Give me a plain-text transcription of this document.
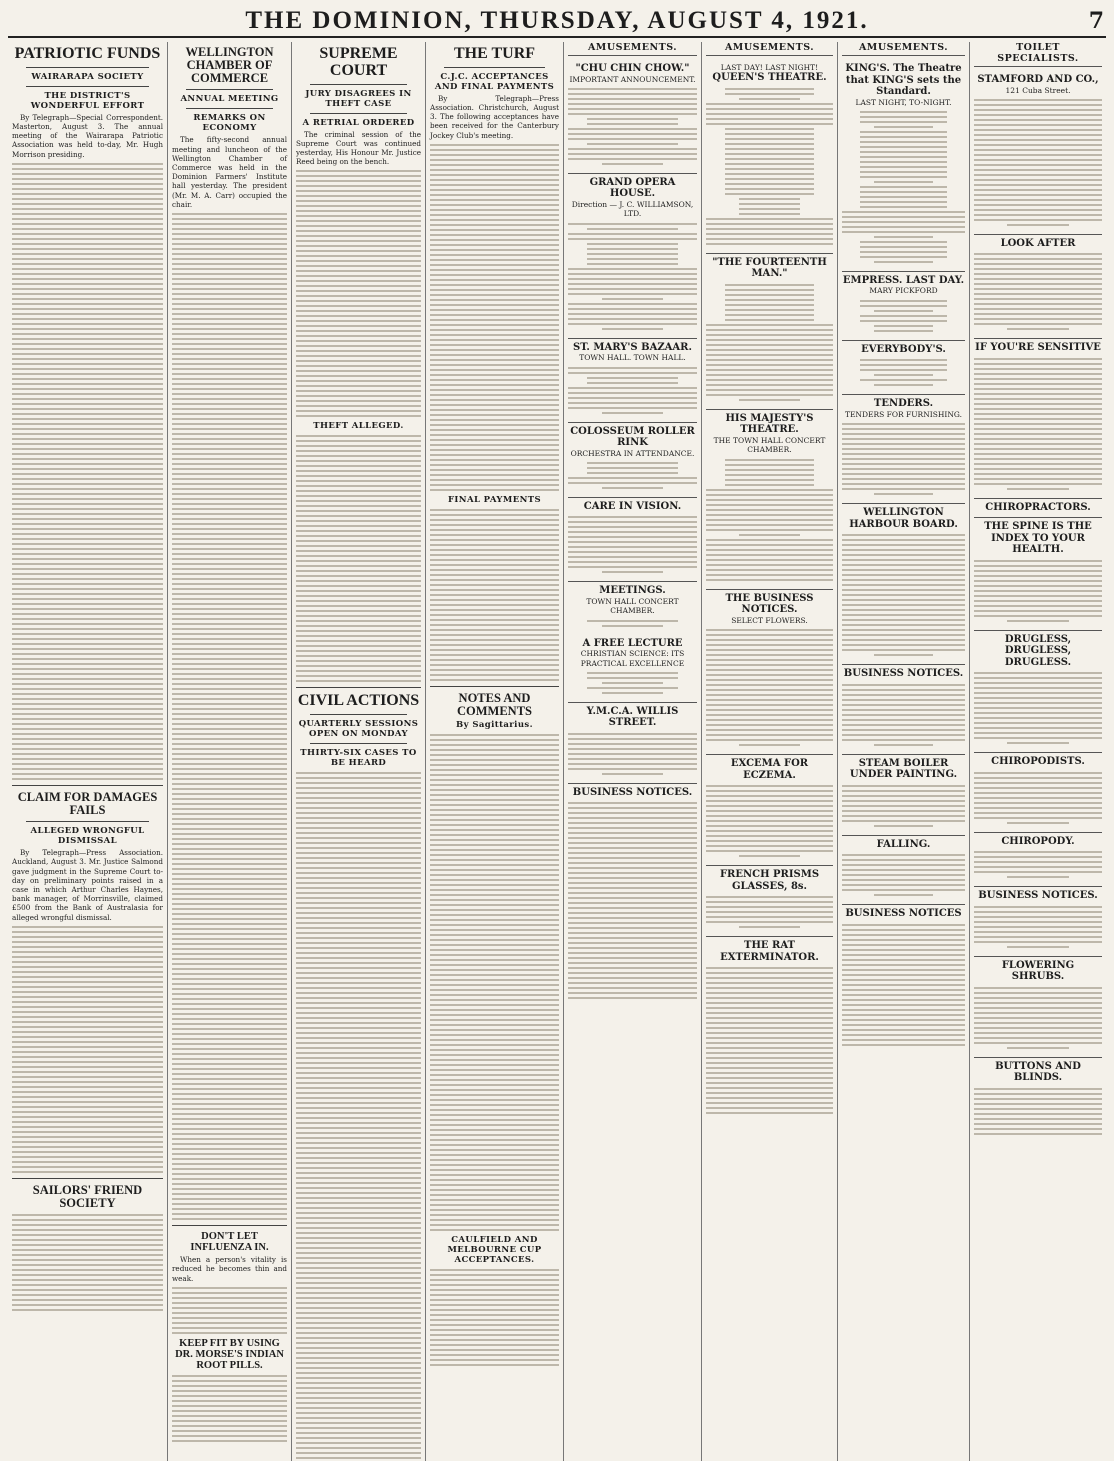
THE DOMINION, THURSDAY, AUGUST 4, 1921.	7
PATRIOTIC FUNDS
WAIRARAPA SOCIETY
THE DISTRICT'S WONDERFUL EFFORT

By Telegraph—Special Correspondent. Masterton, August 3. The annual meeting of the Wairarapa Patriotic Association was held to-day, Mr. Hugh Morrison presiding.

CLAIM FOR DAMAGES FAILS
ALLEGED WRONGFUL DISMISSAL

By Telegraph—Press Association. Auckland, August 3. Mr. Justice Salmond gave judgment in the Supreme Court to-day on preliminary points raised in a case in which Arthur Charles Haynes, bank manager, of Morrinsville, claimed £500 from the Bank of Australasia for alleged wrongful dismissal.

SAILORS' FRIEND SOCIETY
WELLINGTON CHAMBER OF COMMERCE
ANNUAL MEETING
REMARKS ON ECONOMY

The fifty-second annual meeting and luncheon of the Wellington Chamber of Commerce was held in the Dominion Farmers' Institute hall yesterday. The president (Mr. M. A. Carr) occupied the chair.

DON'T LET INFLUENZA IN.

When a person's vitality is reduced he becomes thin and weak.

KEEP FIT BY USING DR. MORSE'S INDIAN ROOT PILLS.
SUPREME COURT
JURY DISAGREES IN THEFT CASE
A RETRIAL ORDERED

The criminal session of the Supreme Court was continued yesterday, His Honour Mr. Justice Reed being on the bench.

THEFT ALLEGED.
CIVIL ACTIONS
QUARTERLY SESSIONS OPEN ON MONDAY
THIRTY-SIX CASES TO BE HEARD
THE TURF
C.J.C. ACCEPTANCES AND FINAL PAYMENTS

By Telegraph—Press Association. Christchurch, August 3. The following acceptances have been received for the Canterbury Jockey Club's meeting.

FINAL PAYMENTS
NOTES AND COMMENTS
By Sagittarius.
CAULFIELD AND MELBOURNE CUP ACCEPTANCES.
AMUSEMENTS.
"CHU CHIN CHOW."
IMPORTANT ANNOUNCEMENT.
GRAND OPERA HOUSE.
Direction — J. C. WILLIAMSON, LTD.
ST. MARY'S BAZAAR.
TOWN HALL. TOWN HALL.
COLOSSEUM ROLLER RINK
ORCHESTRA IN ATTENDANCE.
CARE IN VISION.
MEETINGS.
TOWN HALL CONCERT CHAMBER.
A FREE LECTURE
CHRISTIAN SCIENCE: ITS PRACTICAL EXCELLENCE
Y.M.C.A. WILLIS STREET.
BUSINESS NOTICES.
AMUSEMENTS.
LAST DAY! LAST NIGHT!
QUEEN'S THEATRE.
"THE FOURTEENTH MAN."
HIS MAJESTY'S THEATRE.
THE TOWN HALL CONCERT CHAMBER.
THE BUSINESS NOTICES.
SELECT FLOWERS.
EXCEMA FOR ECZEMA.
FRENCH PRISMS GLASSES, 8s.
THE RAT EXTERMINATOR.
AMUSEMENTS.
KING'S. The Theatre that KING'S sets the Standard.
LAST NIGHT, TO-NIGHT.
EMPRESS. LAST DAY.
MARY PICKFORD
EVERYBODY'S.
TENDERS.
TENDERS FOR FURNISHING.
WELLINGTON HARBOUR BOARD.
BUSINESS NOTICES.
STEAM BOILER UNDER PAINTING.
FALLING.
BUSINESS NOTICES
TOILET SPECIALISTS.
STAMFORD AND CO.,
121 Cuba Street.
LOOK AFTER
IF YOU'RE SENSITIVE
CHIROPRACTORS.
THE SPINE IS THE INDEX TO YOUR HEALTH.
DRUGLESS, DRUGLESS, DRUGLESS.
CHIROPODISTS.
CHIROPODY.
BUSINESS NOTICES.
FLOWERING SHRUBS.
BUTTONS AND BLINDS.
